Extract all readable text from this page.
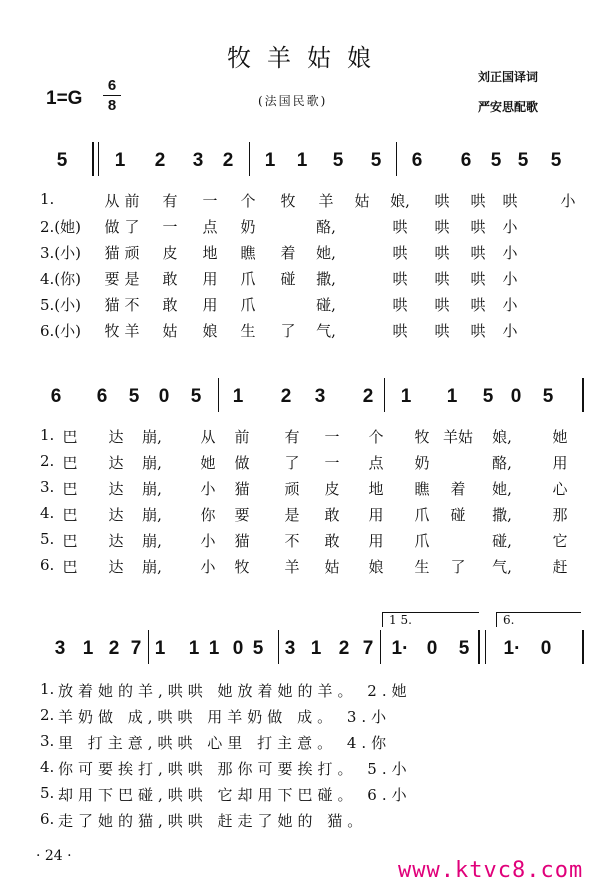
牧羊姑娘
$1=G \frac{6}{8}$	(法国民歌)
刘正国译词
严安思配歌
5 1 2 3 2 1 1 5 5 6 6 5 5 5
1.	从 前 有 一 个 牧 羊 姑 娘, 哄 哄 哄	小
2.(她) 做 了 一 点 奶	酪,	哄 哄 哄 小
3.(小) 猫 顽 皮 地 瞧 着 她,	哄 哄 哄 小
4.(你) 要 是 敢 用 爪 碰 撒,	哄 哄 哄 小
5.(小) 猫 不 敢 用 爪	碰,	哄 哄 哄 小
6.(小) 牧 羊 姑 娘 生 了 气,	哄 哄 哄 小
6 6 5 0 5 1 2 3 2 1 1 5 0 5
1. 巴 达 崩,	从 前 有 一 个 牧 羊姑 娘,	她
2. 巴 达 崩,	她 做 了 一 点 奶	酪,	用
3. 巴 达 崩,	小 猫 顽 皮 地 瞧 着 她,	心
4. 巴 达 崩,	你 要 是 敢 用 爪 碰 撒,	那
5. 巴 达 崩,	小 猫 不 敢 用 爪	碰,	它
6. 巴 达 崩,	小 牧 羊 姑 娘 生 了 气,	赶
3 1 2 7 1 1 1 0 5 3 1 2 7 1· 0 5 1· 0
1. 放着她的羊,哄哄 她放着她的羊。 2.她
2. 羊奶做 成,哄哄 用羊奶做 成。 3.小
3. 里 打主意,哄哄 心里 打主意。 4.你
4. 你可要挨打,哄哄 那你可要挨打。 5.小
5. 却用下巴碰,哄哄 它却用下巴碰。 6.小
6. 走了她的猫,哄哄 赶走了她的 猫。
1 5.	6.
· 24 ·
www.ktvc8.com
